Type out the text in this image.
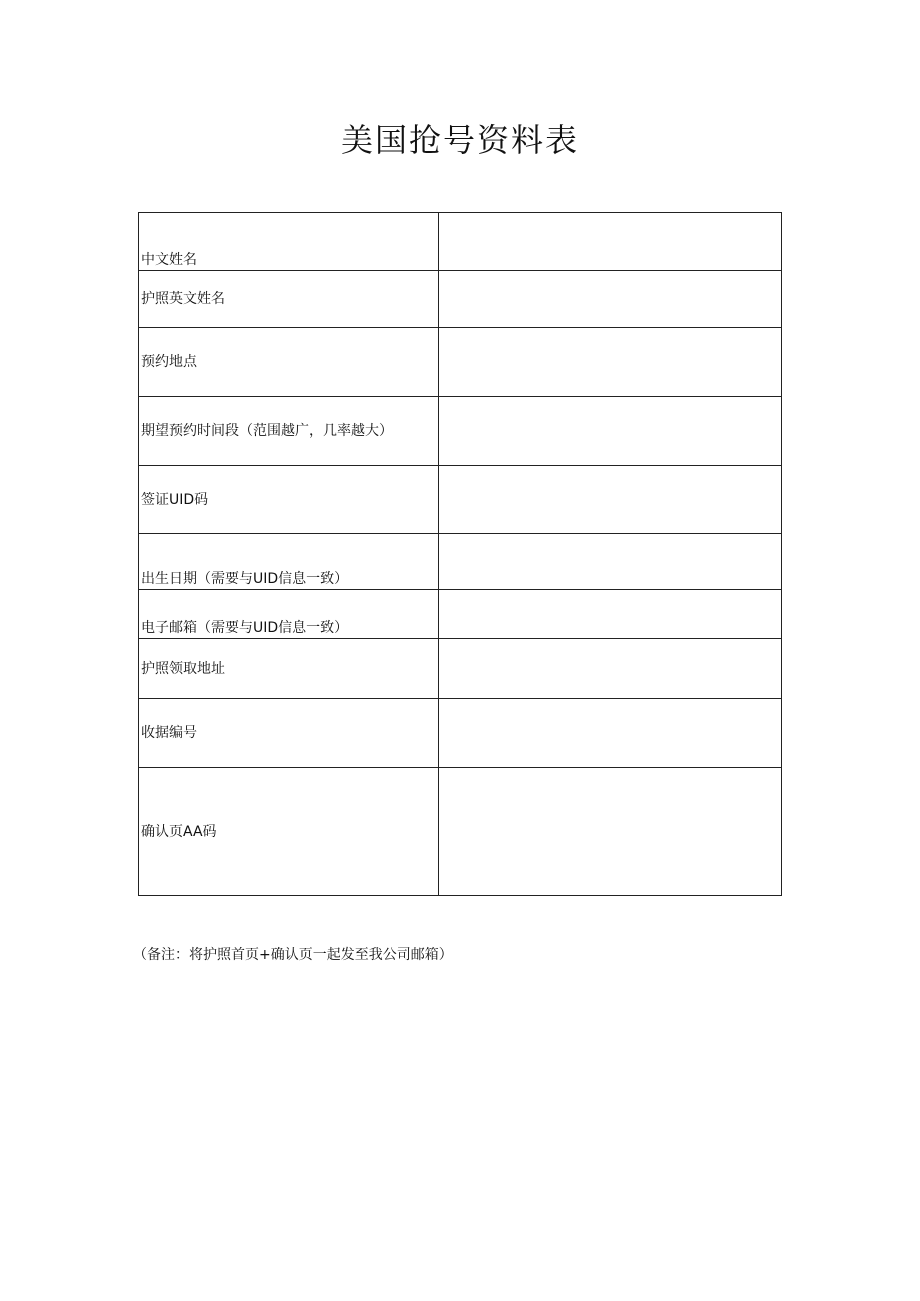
美国抢号资料表
中文姓名	
护照英文姓名	
预约地点	
期望预约时间段（范围越广，几率越大）	
签证UID码	
出生日期（需要与UID信息一致）	
电子邮箱（需要与UID信息一致）	
护照领取地址	
收据编号	
确认页AA码	

（备注：将护照首页+确认页一起发至我公司邮箱）
